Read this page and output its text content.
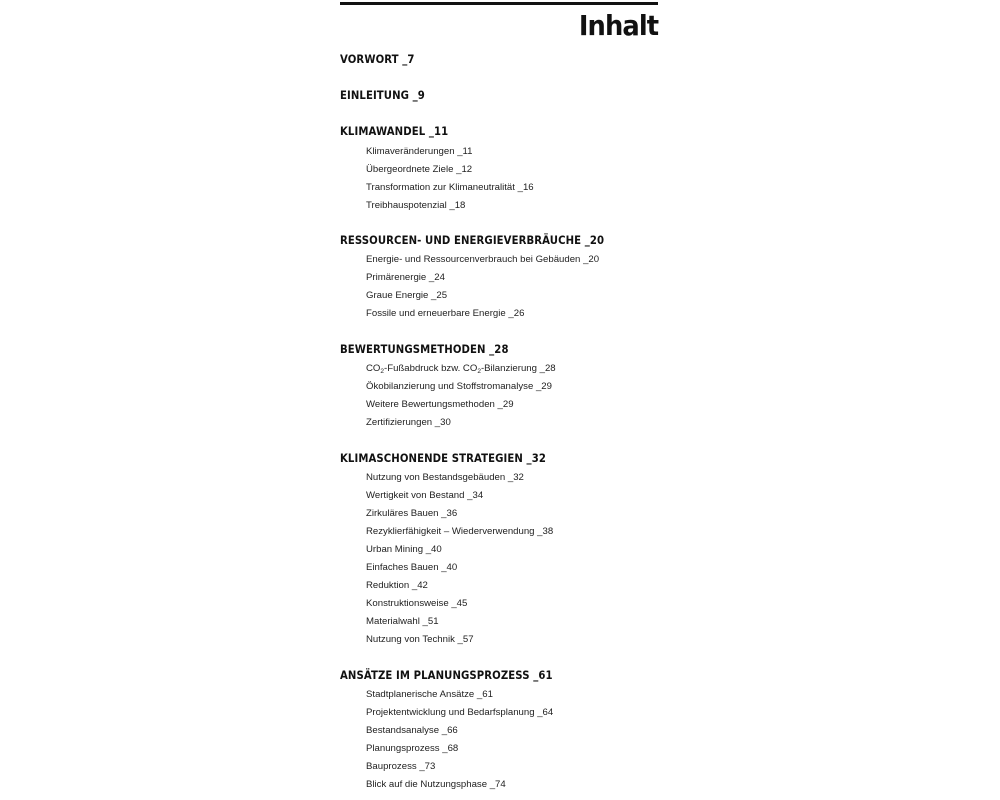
Inhalt
VORWORT _7
EINLEITUNG _9
KLIMAWANDEL _11
Klimaveränderungen _11
Übergeordnete Ziele _12
Transformation zur Klimaneutralität _16
Treibhauspotenzial _18
RESSOURCEN- UND ENERGIEVERBRÄUCHE _20
Energie- und Ressourcenverbrauch bei Gebäuden _20
Primärenergie _24
Graue Energie _25
Fossile und erneuerbare Energie _26
BEWERTUNGSMETHODEN _28
$CO_2$-Fußabdruck bzw. $CO_2$-Bilanzierung _28
Ökobilanzierung und Stoffstromanalyse _29
Weitere Bewertungsmethoden _29
Zertifizierungen _30
KLIMASCHONENDE STRATEGIEN _32
Nutzung von Bestandsgebäuden _32
Wertigkeit von Bestand _34
Zirkuläres Bauen _36
Rezyklierfähigkeit – Wiederverwendung _38
Urban Mining _40
Einfaches Bauen _40
Reduktion _42
Konstruktionsweise _45
Materialwahl _51
Nutzung von Technik _57
ANSÄTZE IM PLANUNGSPROZESS _61
Stadtplanerische Ansätze _61
Projektentwicklung und Bedarfsplanung _64
Bestandsanalyse _66
Planungsprozess _68
Bauprozess _73
Blick auf die Nutzungsphase _74
